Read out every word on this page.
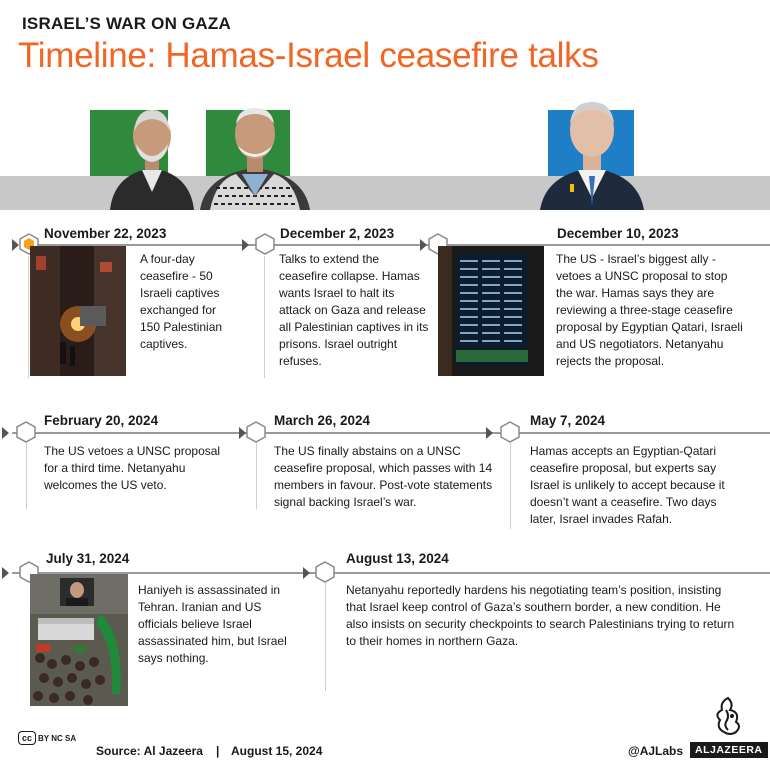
ISRAEL’S WAR ON GAZA
Timeline: Hamas-Israel ceasefire talks
November 22, 2023
A four-day ceasefire - 50 Israeli captives exchanged for 150 Palestinian captives.
December 2, 2023
Talks to extend the ceasefire collapse. Hamas wants Israel to halt its attack on Gaza and release all Palestinian captives in its prisons. Israel outright refuses.
December 10, 2023
The US - Israel’s biggest ally - vetoes a UNSC proposal to stop the war. Hamas says they are reviewing a three-stage ceasefire proposal by Egyptian Qatari, Israeli and US negotiators. Netanyahu rejects the proposal.
February 20, 2024
The US vetoes a UNSC proposal for a third time. Netanyahu welcomes the US veto.
March 26, 2024
The US finally abstains on a UNSC ceasefire proposal, which passes with 14 members in favour. Post-vote statements signal backing Israel’s war.
May 7, 2024
Hamas accepts an Egyptian-Qatari ceasefire proposal, but experts say Israel is unlikely to accept because it doesn’t want a ceasefire. Two days later, Israel invades Rafah.
July 31, 2024
Haniyeh is assassinated in Tehran. Iranian and US officials believe Israel assassinated him, but Israel says nothing.
August 13, 2024
Netanyahu reportedly hardens his negotiating team’s position, insisting that Israel keep control of Gaza’s southern border, a new condition. He also insists on security checkpoints to search Palestinians trying to return to their homes in northern Gaza.
cc BY NC SA
Source: Al Jazeera | August 15, 2024	@AJLabs	ALJAZEERA
